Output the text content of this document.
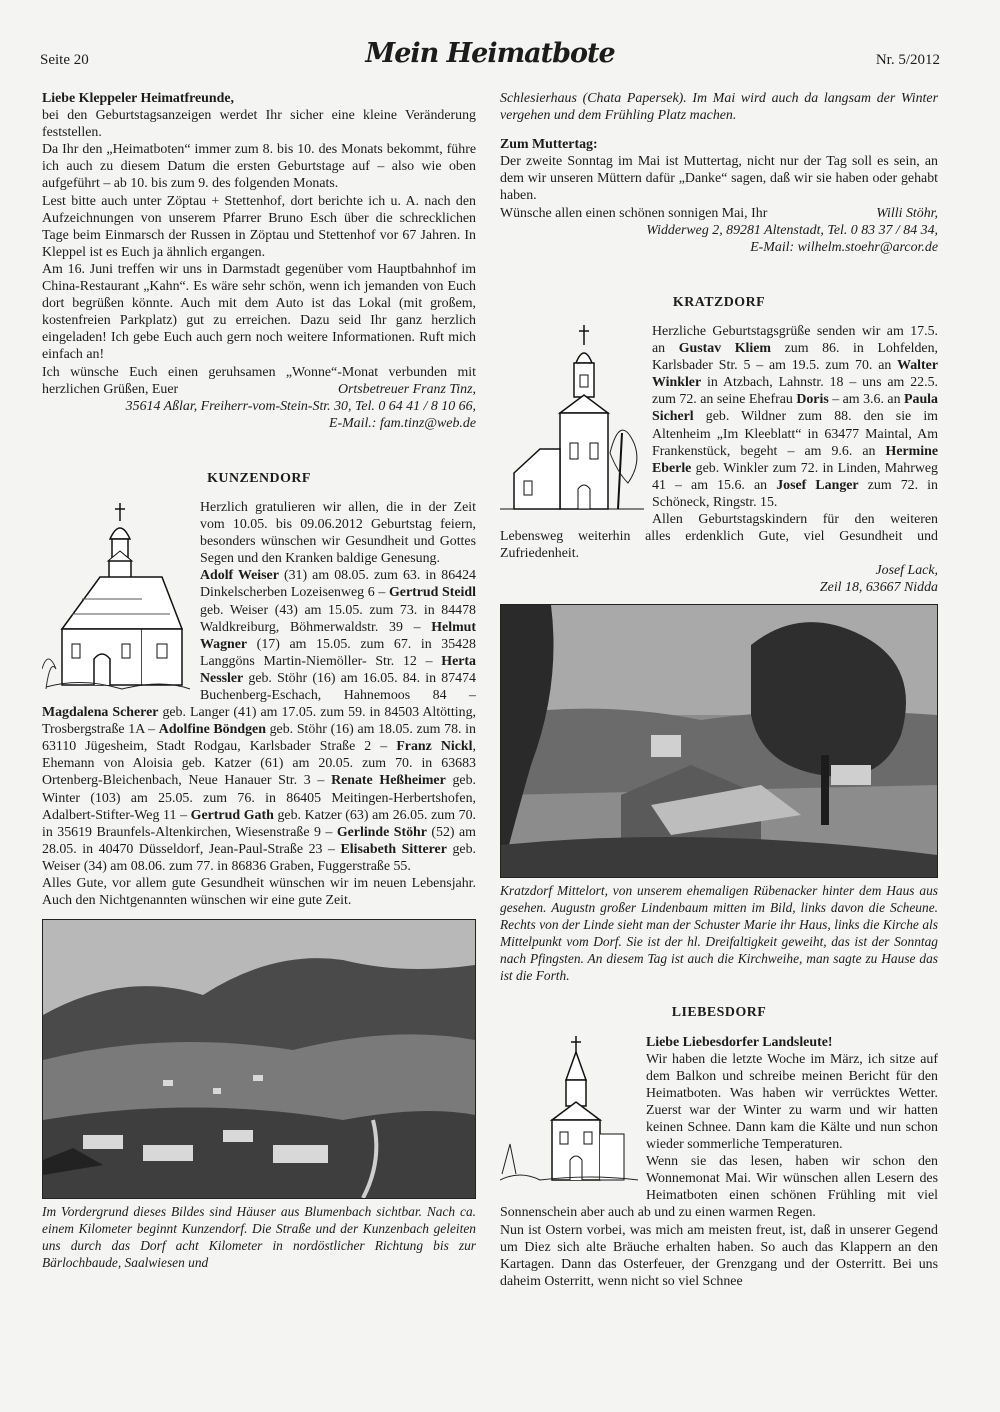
Seite 20	Mein Heimatbote	Nr. 5/2012

Liebe Kleppeler Heimatfreunde,

bei den Geburtstagsanzeigen werdet Ihr sicher eine kleine Veränderung feststellen.

Da Ihr den „Heimatboten“ immer zum 8. bis 10. des Monats bekommt, führe ich auch zu diesem Datum die ersten Geburtstage auf – also wie oben aufgeführt – ab 10. bis zum 9. des folgenden Monats.

Lest bitte auch unter Zöptau + Stettenhof, dort berichte ich u. A. nach den Aufzeichnungen von unserem Pfarrer Bruno Esch über die schrecklichen Tage beim Einmarsch der Russen in Zöptau und Stettenhof vor 67 Jahren. In Kleppel ist es Euch ja ähnlich ergangen.

Am 16. Juni treffen wir uns in Darmstadt gegenüber vom Hauptbahnhof im China-Restaurant „Kahn“. Es wäre sehr schön, wenn ich jemanden von Euch dort begrüßen könnte. Auch mit dem Auto ist das Lokal (mit großem, kostenfreien Parkplatz) gut zu erreichen. Dazu seid Ihr ganz herzlich eingeladen! Ich gebe Euch auch gern noch weitere Informationen. Ruft mich einfach an!

Ich wünsche Euch einen geruhsamen „Wonne“-Monat verbunden mit herzlichen Grüßen, Euer	Ortsbetreuer Franz Tinz,

35614 Aßlar, Freiherr-vom-Stein-Str. 30, Tel. 0 64 41 / 8 10 66,

E-Mail.: fam.tinz@web.de

KUNZENDORF

Herzlich gratulieren wir allen, die in der Zeit vom 10.05. bis 09.06.2012 Geburtstag feiern, besonders wünschen wir Gesundheit und Gottes Segen und den Kranken baldige Genesung.

Adolf Weiser (31) am 08.05. zum 63. in 86424 Dinkelscherben Lozeisenweg 6 – Gertrud Steidl geb. Weiser (43) am 15.05. zum 73. in 84478 Waldkreiburg, Böhmerwaldstr. 39 – Helmut Wagner (17) am 15.05. zum 67. in 35428 Langgöns Martin-Niemöller- Str. 12 – Herta Nessler geb. Stöhr (16) am 16.05. 84. in 87474 Buchenberg-Eschach, Hahnemoos 84 – Magdalena Scherer geb. Langer (41) am 17.05. zum 59. in 84503 Altötting, Trosbergstraße 1A – Adolfine Böndgen geb. Stöhr (16) am 18.05. zum 78. in 63110 Jügesheim, Stadt Rodgau, Karlsbader Straße 2 – Franz Nickl, Ehemann von Aloisia geb. Katzer (61) am 20.05. zum 70. in 63683 Ortenberg-Bleichenbach, Neue Hanauer Str. 3 – Renate Heßheimer geb. Winter (103) am 25.05. zum 76. in 86405 Meitingen-Herbertshofen, Adalbert-Stifter-Weg 11 – Gertrud Gath geb. Katzer (63) am 26.05. zum 70. in 35619 Braunfels-Altenkirchen, Wiesenstraße 9 – Gerlinde Stöhr (52) am 28.05. in 40470 Düsseldorf, Jean-Paul-Straße 23 – Elisabeth Sitterer geb. Weiser (34) am 08.06. zum 77. in 86836 Graben, Fuggerstraße 55.

Alles Gute, vor allem gute Gesundheit wünschen wir im neuen Lebensjahr. Auch den Nichtgenannten wünschen wir eine gute Zeit.

Im Vordergrund dieses Bildes sind Häuser aus Blumenbach sichtbar. Nach ca. einem Kilometer beginnt Kunzendorf. Die Straße und der Kunzenbach geleiten uns durch das Dorf acht Kilometer in nordöstlicher Richtung bis zur Bärlochbaude, Saalwiesen und

Schlesierhaus (Chata Papersek). Im Mai wird auch da langsam der Winter vergehen und dem Frühling Platz machen.

Zum Muttertag:

Der zweite Sonntag im Mai ist Muttertag, nicht nur der Tag soll es sein, an dem wir unseren Müttern dafür „Danke“ sagen, daß wir sie haben oder gehabt haben.

Wünsche allen einen schönen sonnigen Mai, Ihr	Willi Stöhr,

Widderweg 2, 89281 Altenstadt, Tel. 0 83 37 / 84 34,

E-Mail: wilhelm.stoehr@arcor.de

KRATZDORF

Herzliche Geburtstagsgrüße senden wir am 17.5. an Gustav Kliem zum 86. in Lohfelden, Karlsbader Str. 5 – am 19.5. zum 70. an Walter Winkler in Atzbach, Lahnstr. 18 – uns am 22.5. zum 72. an seine Ehefrau Doris – am 3.6. an Paula Sicherl geb. Wildner zum 88. den sie im Altenheim „Im Kleeblatt“ in 63477 Maintal, Am Frankenstück, begeht – am 9.6. an Hermine Eberle geb. Winkler zum 72. in Linden, Mahrweg 41 – am 15.6. an Josef Langer zum 72. in Schöneck, Ringstr. 15.

Allen Geburtstagskindern für den weiteren Lebensweg weiterhin alles erdenklich Gute, viel Gesundheit und Zufriedenheit.

Josef Lack,

Zeil 18, 63667 Nidda

Kratzdorf Mittelort, von unserem ehemaligen Rübenacker hinter dem Haus aus gesehen. Augustn großer Lindenbaum mitten im Bild, links davon die Scheune. Rechts von der Linde sieht man der Schuster Marie ihr Haus, links die Kirche als Mittelpunkt vom Dorf. Sie ist der hl. Dreifaltigkeit geweiht, das ist der Sonntag nach Pfingsten. An diesem Tag ist auch die Kirchweihe, man sagte zu Hause das ist die Forth.

LIEBESDORF

Liebe Liebesdorfer Landsleute!

Wir haben die letzte Woche im März, ich sitze auf dem Balkon und schreibe meinen Bericht für den Heimatboten. Was haben wir verrücktes Wetter. Zuerst war der Winter zu warm und wir hatten keinen Schnee. Dann kam die Kälte und nun schon wieder sommerliche Temperaturen.

Wenn sie das lesen, haben wir schon den Wonnemonat Mai. Wir wünschen allen Lesern des Heimatboten einen schönen Frühling mit viel Sonnenschein aber auch ab und zu einen warmen Regen.

Nun ist Ostern vorbei, was mich am meisten freut, ist, daß in unserer Gegend um Diez sich alte Bräuche erhalten haben. So auch das Klappern an den Kartagen. Dann das Osterfeuer, der Grenzgang und der Osterritt. Bei uns daheim Osterritt, wenn nicht so viel Schnee
